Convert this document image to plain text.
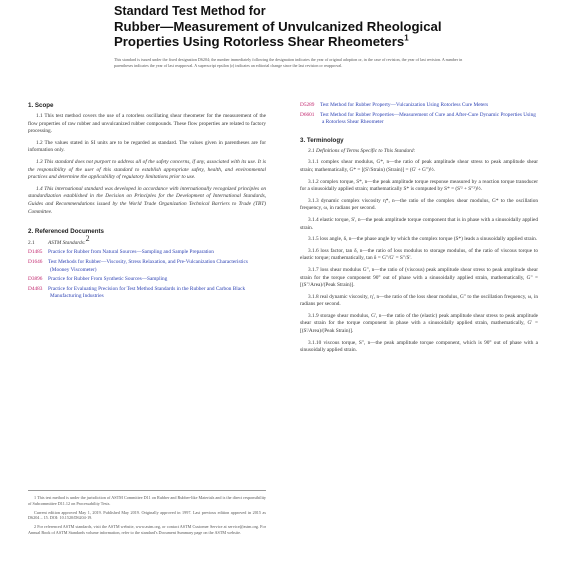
Standard Test Method for
Rubber—Measurement of Unvulcanized Rheological
Properties Using Rotorless Shear Rheometers$^1$
This standard is issued under the fixed designation D6204; the number immediately following the designation indicates the year of original adoption or, in the case of revision, the year of last revision. A number in parentheses indicates the year of last reapproval. A superscript epsilon (ε) indicates an editorial change since the last revision or reapproval.
1. Scope

1.1 This test method covers the use of a rotorless oscillating shear rheometer for the measurement of the flow properties of raw rubber and unvulcanized rubber compounds. These flow properties are related to factory processing.

1.2 The values stated in SI units are to be regarded as standard. The values given in parentheses are for information only.

1.3 This standard does not purport to address all of the safety concerns, if any, associated with its use. It is the responsibility of the user of this standard to establish appropriate safety, health, and environmental practices and determine the applicability of regulatory limitations prior to use.

1.4 This international standard was developed in accordance with internationally recognized principles on standardization established in the Decision on Principles for the Development of International Standards, Guides and Recommendations issued by the World Trade Organization Technical Barriers to Trade (TBT) Committee.

2. Referenced Documents

2.1	ASTM Standards:2

D1485 Practice for Rubber from Natural Sources—Sampling and Sample Preparation

D1646 Test Methods for Rubber—Viscosity, Stress Relaxation, and Pre-Vulcanization Characteristics (Mooney Viscometer)

D3896 Practice for Rubber From Synthetic Sources—Sampling

D4483 Practice for Evaluating Precision for Test Method Standards in the Rubber and Carbon Black Manufacturing Industries

1 This test method is under the jurisdiction of ASTM Committee D11 on Rubber and Rubber-like Materials and is the direct responsibility of Subcommittee D11.12 on Processability Tests.

Current edition approved May 1, 2019. Published May 2019. Originally approved in 1997. Last previous edition approved in 2015 as D6204 – 15. DOI: 10.1520/D6204-19.

2 For referenced ASTM standards, visit the ASTM website, www.astm.org, or contact ASTM Customer Service at service@astm.org. For Annual Book of ASTM Standards volume information, refer to the standard's Document Summary page on the ASTM website.

D5289 Test Method for Rubber Property—Vulcanization Using Rotorless Cure Meters

D6601 Test Method for Rubber Properties—Measurement of Cure and After-Cure Dynamic Properties Using a Rotorless Shear Rheometer

3. Terminology

3.1 Definitions of Terms Specific to This Standard:

3.1.1 complex shear modulus, G*, n—the ratio of peak amplitude shear stress to peak amplitude shear strain; mathematically, G* = [(S'/Strain) (Strain)] = (G' + G")½.

3.1.2 complex torque, S*, n—the peak amplitude torque response measured by a reaction torque transducer for a sinusoidally applied strain; mathematically S* is computed by S* = (S'² + S"²)½.

3.1.3 dynamic complex viscosity η*, n—the ratio of the complex shear modulus, G* to the oscillation frequency, ω, in radians per second.

3.1.4 elastic torque, S', n—the peak amplitude torque component that is in phase with a sinusoidally applied strain.

3.1.5 loss angle, δ, n—the phase angle by which the complex torque (S*) leads a sinusoidally applied strain.

3.1.6 loss factor, tan δ, n—the ratio of loss modulus to storage modulus, of the ratio of viscous torque to elastic torque; mathematically, tan δ = G"/G' = S"/S'.

3.1.7 loss shear modulus G", n—the ratio of (viscous) peak amplitude shear stress to peak amplitude shear strain for the torque component 90° out of phase with a sinusoidally applied strain, mathematically, G" = [(S"/Area)/(Peak Strain)].

3.1.8 real dynamic viscosity, η', n—the ratio of the loss shear modulus, G" to the oscillation frequency, ω, in radians per second.

3.1.9 storage shear modulus, G', n—the ratio of the (elastic) peak amplitude shear stress to peak amplitude shear strain for the torque component in phase with a sinusoidally applied strain, mathematically, G' = [(S'/Area)/(Peak Strain)].

3.1.10 viscous torque, S", n—the peak amplitude torque component, which is 90° out of phase with a sinusoidally applied strain.
